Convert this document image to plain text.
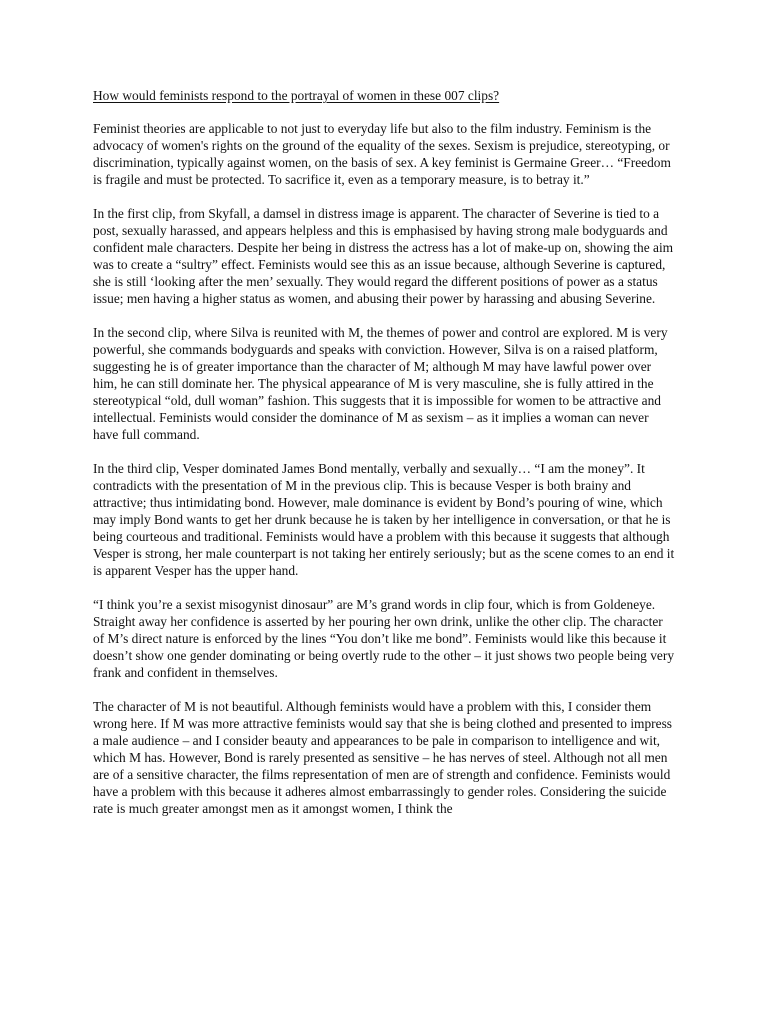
How would feminists respond to the portrayal of women in these 007 clips?

Feminist theories are applicable to not just to everyday life but also to the film industry. Feminism is the advocacy of women's rights on the ground of the equality of the sexes. Sexism is prejudice, stereotyping, or discrimination, typically against women, on the basis of sex. A key feminist is Germaine Greer… “Freedom is fragile and must be protected. To sacrifice it, even as a temporary measure, is to betray it.”

In the first clip, from Skyfall, a damsel in distress image is apparent. The character of Severine is tied to a post, sexually harassed, and appears helpless and this is emphasised by having strong male bodyguards and confident male characters. Despite her being in distress the actress has a lot of make-up on, showing the aim was to create a “sultry” effect. Feminists would see this as an issue because, although Severine is captured, she is still ‘looking after the men’ sexually. They would regard the different positions of power as a status issue; men having a higher status as women, and abusing their power by harassing and abusing Severine.

In the second clip, where Silva is reunited with M, the themes of power and control are explored. M is very powerful, she commands bodyguards and speaks with conviction. However, Silva is on a raised platform, suggesting he is of greater importance than the character of M; although M may have lawful power over him, he can still dominate her. The physical appearance of M is very masculine, she is fully attired in the stereotypical “old, dull woman” fashion. This suggests that it is impossible for women to be attractive and intellectual. Feminists would consider the dominance of M as sexism – as it implies a woman can never have full command.

In the third clip, Vesper dominated James Bond mentally, verbally and sexually… “I am the money”. It contradicts with the presentation of M in the previous clip. This is because Vesper is both brainy and attractive; thus intimidating bond. However, male dominance is evident by Bond’s pouring of wine, which may imply Bond wants to get her drunk because he is taken by her intelligence in conversation, or that he is being courteous and traditional. Feminists would have a problem with this because it suggests that although Vesper is strong, her male counterpart is not taking her entirely seriously; but as the scene comes to an end it is apparent Vesper has the upper hand.

“I think you’re a sexist misogynist dinosaur” are M’s grand words in clip four, which is from Goldeneye. Straight away her confidence is asserted by her pouring her own drink, unlike the other clip. The character of M’s direct nature is enforced by the lines “You don’t like me bond”. Feminists would like this because it doesn’t show one gender dominating or being overtly rude to the other – it just shows two people being very frank and confident in themselves.

The character of M is not beautiful. Although feminists would have a problem with this, I consider them wrong here. If M was more attractive feminists would say that she is being clothed and presented to impress a male audience – and I consider beauty and appearances to be pale in comparison to intelligence and wit, which M has. However, Bond is rarely presented as sensitive – he has nerves of steel. Although not all men are of a sensitive character, the films representation of men are of strength and confidence. Feminists would have a problem with this because it adheres almost embarrassingly to gender roles. Considering the suicide rate is much greater amongst men as it amongst women, I think the
